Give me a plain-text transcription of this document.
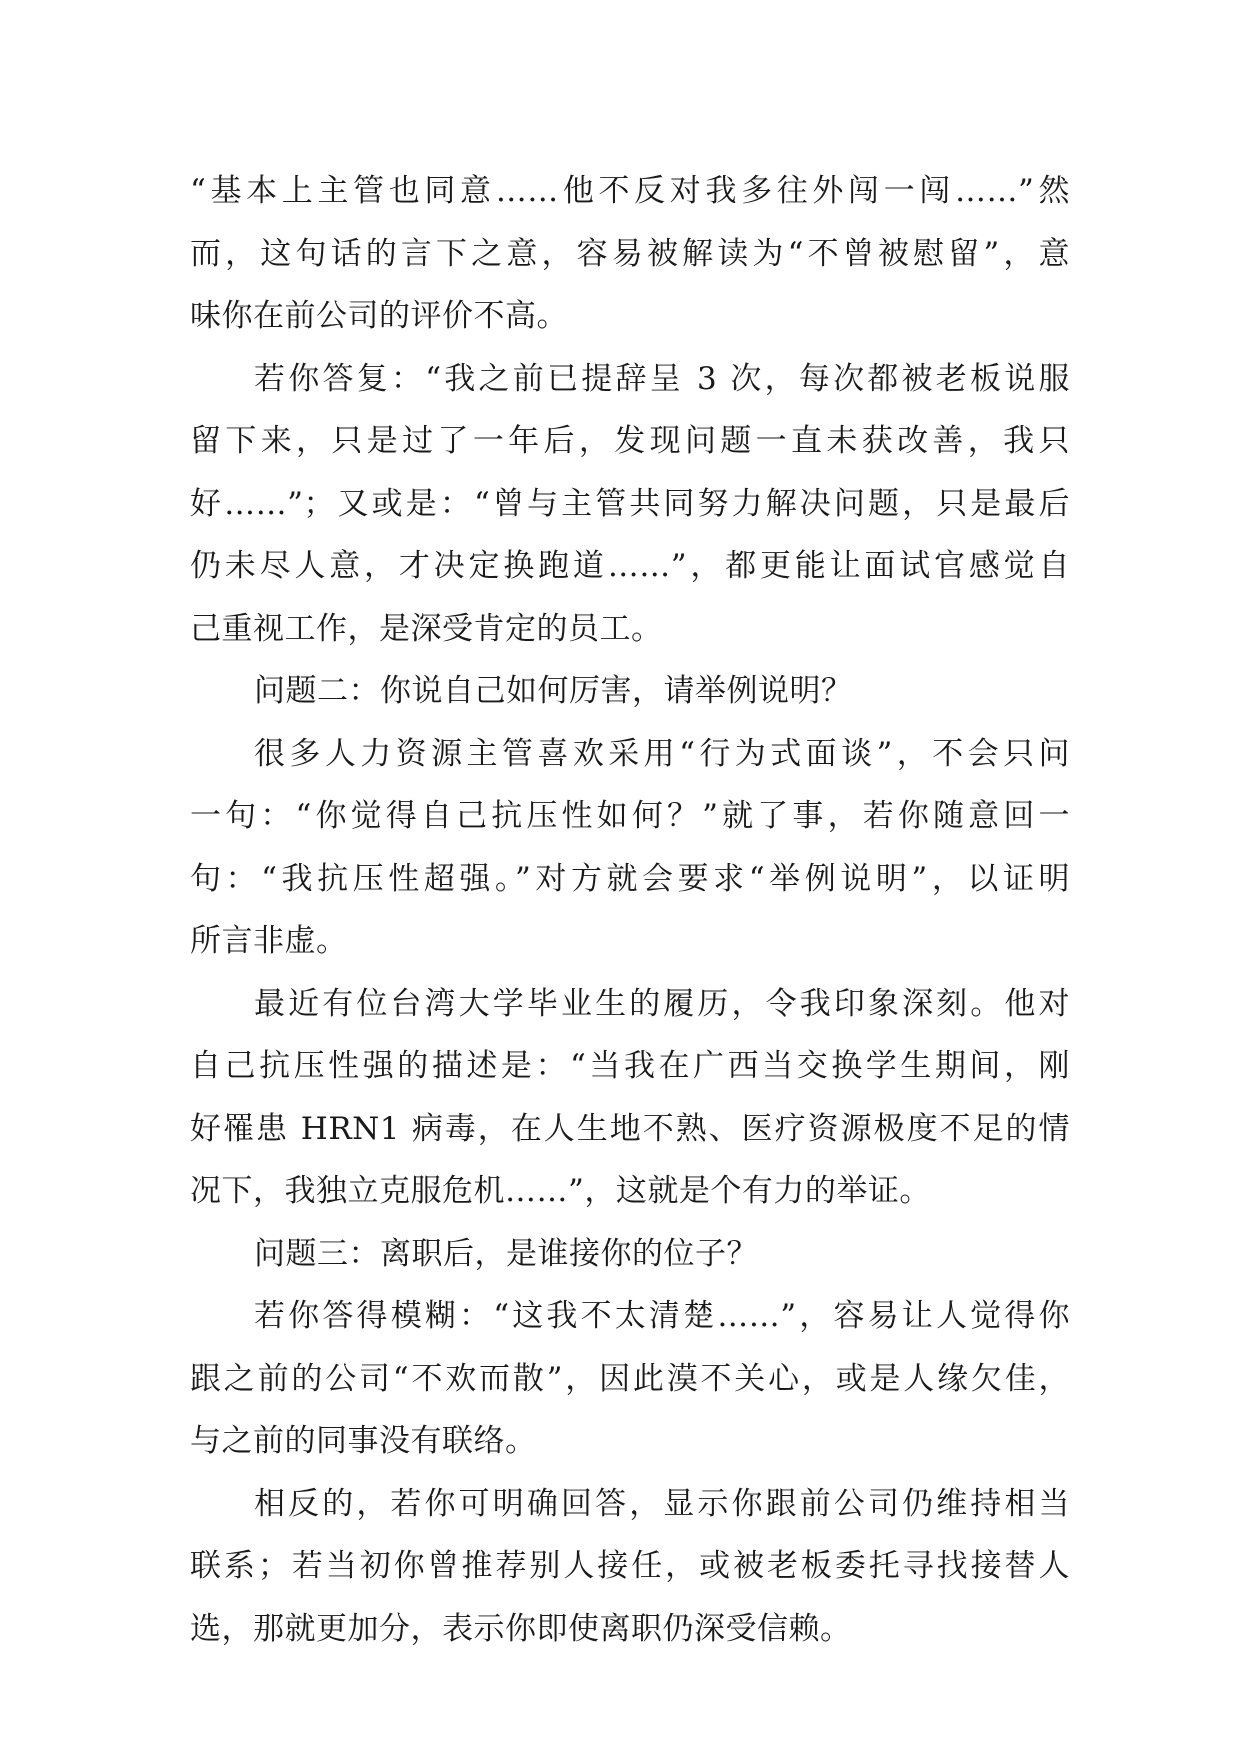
“基本上主管也同意……他不反对我多往外闯一闯……”然
而，这句话的言下之意，容易被解读为“不曾被慰留”，意
味你在前公司的评价不高。
若你答复：“我之前已提辞呈 3 次，每次都被老板说服
留下来，只是过了一年后，发现问题一直未获改善，我只
好……”；又或是：“曾与主管共同努力解决问题，只是最后
仍未尽人意，才决定换跑道……”，都更能让面试官感觉自
己重视工作，是深受肯定的员工。
问题二：你说自己如何厉害，请举例说明？
很多人力资源主管喜欢采用“行为式面谈”，不会只问
一句：“你觉得自己抗压性如何？”就了事，若你随意回一
句：“我抗压性超强。”对方就会要求“举例说明”，以证明
所言非虚。
最近有位台湾大学毕业生的履历，令我印象深刻。他对
自己抗压性强的描述是：“当我在广西当交换学生期间，刚
好罹患 HRN1 病毒，在人生地不熟、医疗资源极度不足的情
况下，我独立克服危机……”，这就是个有力的举证。
问题三：离职后，是谁接你的位子？
若你答得模糊：“这我不太清楚……”，容易让人觉得你
跟之前的公司“不欢而散”，因此漠不关心，或是人缘欠佳，
与之前的同事没有联络。
相反的，若你可明确回答，显示你跟前公司仍维持相当
联系；若当初你曾推荐别人接任，或被老板委托寻找接替人
选，那就更加分，表示你即使离职仍深受信赖。
